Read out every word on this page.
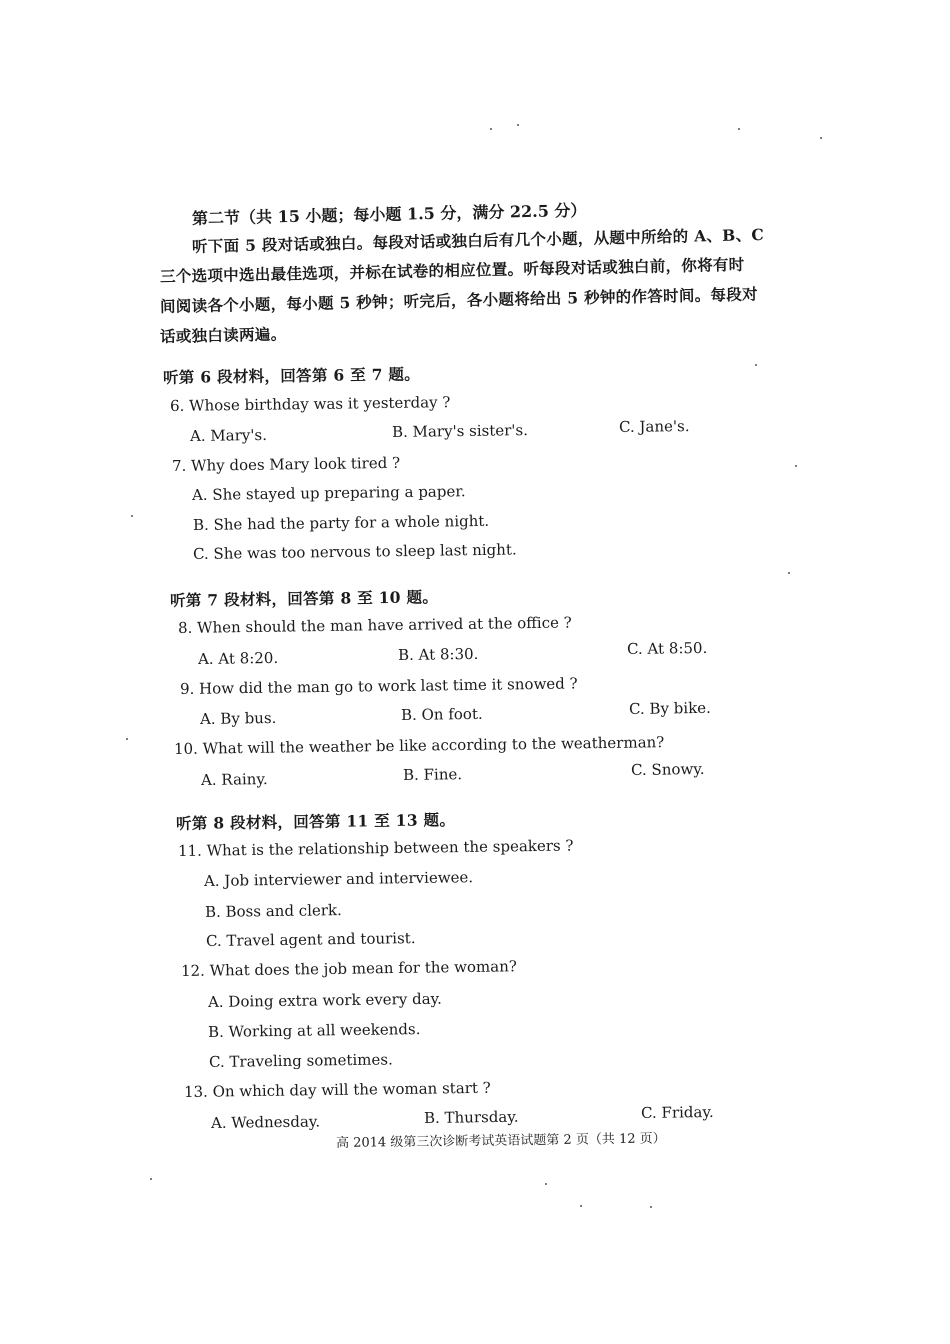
第二节（共 15 小题；每小题 1.5 分，满分 22.5 分）
听下面 5 段对话或独白。每段对话或独白后有几个小题，从题中所给的 A、B、C
三个选项中选出最佳选项，并标在试卷的相应位置。听每段对话或独白前，你将有时
间阅读各个小题，每小题 5 秒钟；听完后，各小题将给出 5 秒钟的作答时间。每段对
话或独白读两遍。
听第 6 段材料，回答第 6 至 7 题。
6. Whose birthday was it yesterday ?
A. Mary's.	B. Mary's sister's.	C. Jane's.
7. Why does Mary look tired ?
A. She stayed up preparing a paper.
B. She had the party for a whole night.
C. She was too nervous to sleep last night.
听第 7 段材料，回答第 8 至 10 题。
8. When should the man have arrived at the office ?
A. At 8:20.	B. At 8:30.	C. At 8:50.
9. How did the man go to work last time it snowed ?
A. By bus.	B. On foot.	C. By bike.
10. What will the weather be like according to the weatherman?
A. Rainy.	B. Fine.	C. Snowy.
听第 8 段材料，回答第 11 至 13 题。
11. What is the relationship between the speakers ?
A. Job interviewer and interviewee.
B. Boss and clerk.
C. Travel agent and tourist.
12. What does the job mean for the woman?
A. Doing extra work every day.
B. Working at all weekends.
C. Traveling sometimes.
13. On which day will the woman start ?
A. Wednesday.	B. Thursday.	C. Friday.
高 2014 级第三次诊断考试英语试题第 2 页（共 12 页）
